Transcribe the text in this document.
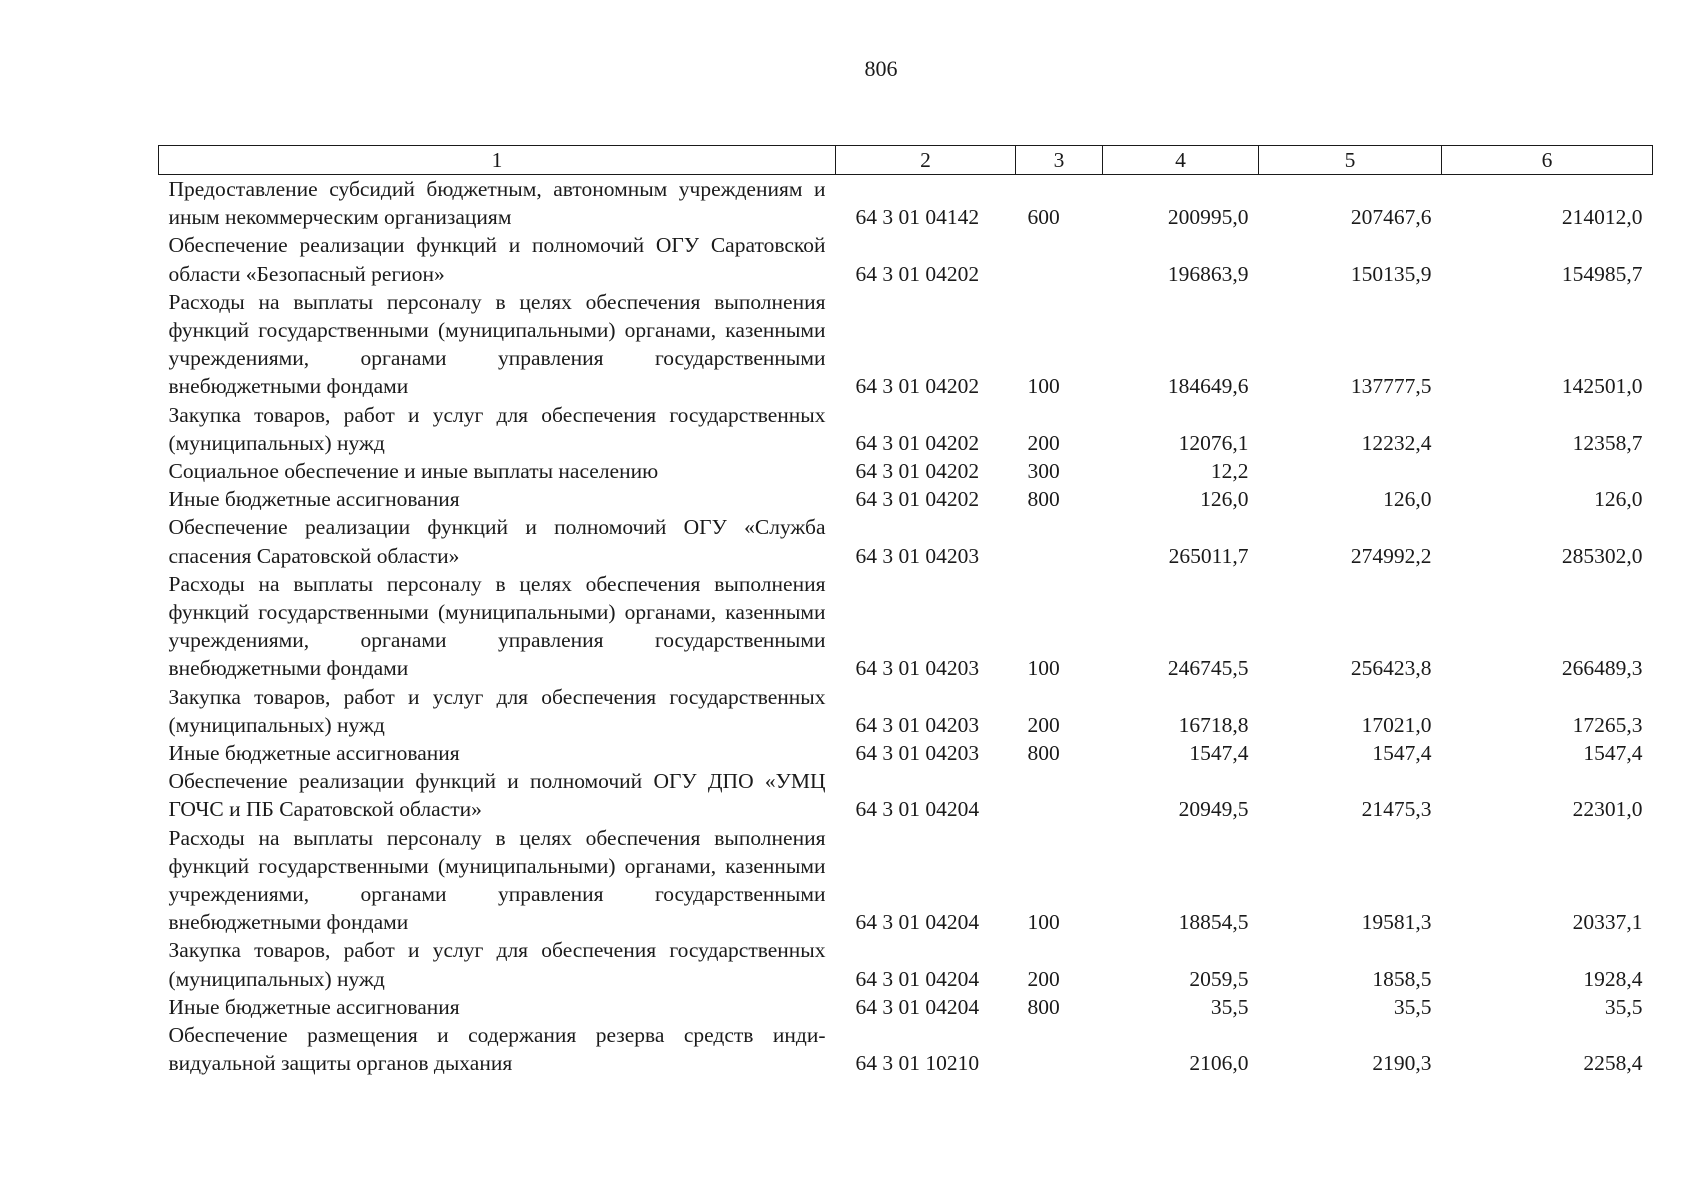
806
1	2	3	4	5	6
Предоставление субсидий бюджетным, автономным учреждениям и иным некоммерческим организациям	64 3 01 04142	600	200995,0	207467,6	214012,0
Обеспечение реализации функций и полномочий ОГУ Саратовской области «Безопасный регион»	64 3 01 04202		196863,9	150135,9	154985,7
Расходы на выплаты персоналу в целях обеспечения выполнения функций государственными (муниципальными) органами, казенными учреждениями, органами управления государственными внебюджетными фондами	64 3 01 04202	100	184649,6	137777,5	142501,0
Закупка товаров, работ и услуг для обеспечения государственных (муниципальных) нужд	64 3 01 04202	200	12076,1	12232,4	12358,7
Социальное обеспечение и иные выплаты населению	64 3 01 04202	300	12,2		
Иные бюджетные ассигнования	64 3 01 04202	800	126,0	126,0	126,0
Обеспечение реализации функций и полномочий ОГУ «Служба спасения Саратовской области»	64 3 01 04203		265011,7	274992,2	285302,0
Расходы на выплаты персоналу в целях обеспечения выполнения функций государственными (муниципальными) органами, казенными учреждениями, органами управления государственными внебюджетными фондами	64 3 01 04203	100	246745,5	256423,8	266489,3
Закупка товаров, работ и услуг для обеспечения государственных (муниципальных) нужд	64 3 01 04203	200	16718,8	17021,0	17265,3
Иные бюджетные ассигнования	64 3 01 04203	800	1547,4	1547,4	1547,4
Обеспечение реализации функций и полномочий ОГУ ДПО «УМЦ ГОЧС и ПБ Саратовской области»	64 3 01 04204		20949,5	21475,3	22301,0
Расходы на выплаты персоналу в целях обеспечения выполнения функций государственными (муниципальными) органами, казенными учреждениями, органами управления государственными внебюджетными фондами	64 3 01 04204	100	18854,5	19581,3	20337,1
Закупка товаров, работ и услуг для обеспечения государственных (муниципальных) нужд	64 3 01 04204	200	2059,5	1858,5	1928,4
Иные бюджетные ассигнования	64 3 01 04204	800	35,5	35,5	35,5
Обеспечение размещения и содержания резерва средств индивидуальной защиты органов дыхания	64 3 01 10210		2106,0	2190,3	2258,4
